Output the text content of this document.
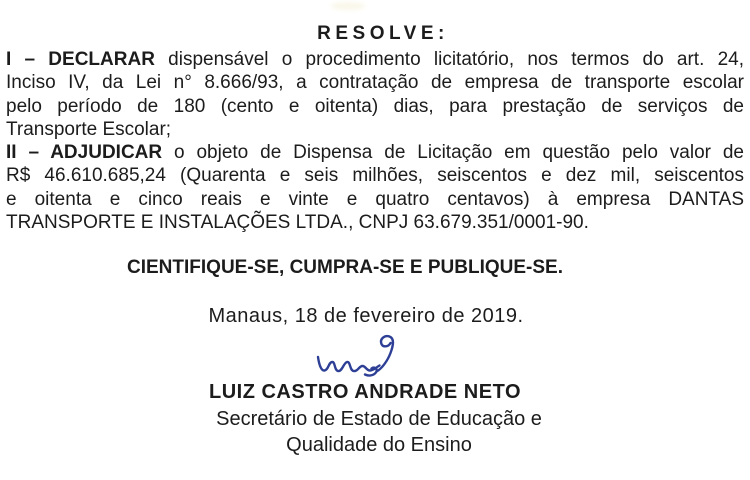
RESOLVE:
I – DECLARAR dispensável o procedimento licitatório, nos termos do art. 24,
Inciso IV, da Lei n° 8.666/93, a contratação de empresa de transporte escolar
pelo período de 180 (cento e oitenta) dias, para prestação de serviços de
Transporte Escolar;
II – ADJUDICAR o objeto de Dispensa de Licitação em questão pelo valor de
R$ 46.610.685,24 (Quarenta e seis milhões, seiscentos e dez mil, seiscentos
e oitenta e cinco reais e vinte e quatro centavos) à empresa DANTAS
TRANSPORTE E INSTALAÇÕES LTDA., CNPJ 63.679.351/0001-90.
CIENTIFIQUE-SE, CUMPRA-SE E PUBLIQUE-SE.
Manaus, 18 de fevereiro de 2019.
LUIZ CASTRO ANDRADE NETO
Secretário de Estado de Educação e
Qualidade do Ensino
